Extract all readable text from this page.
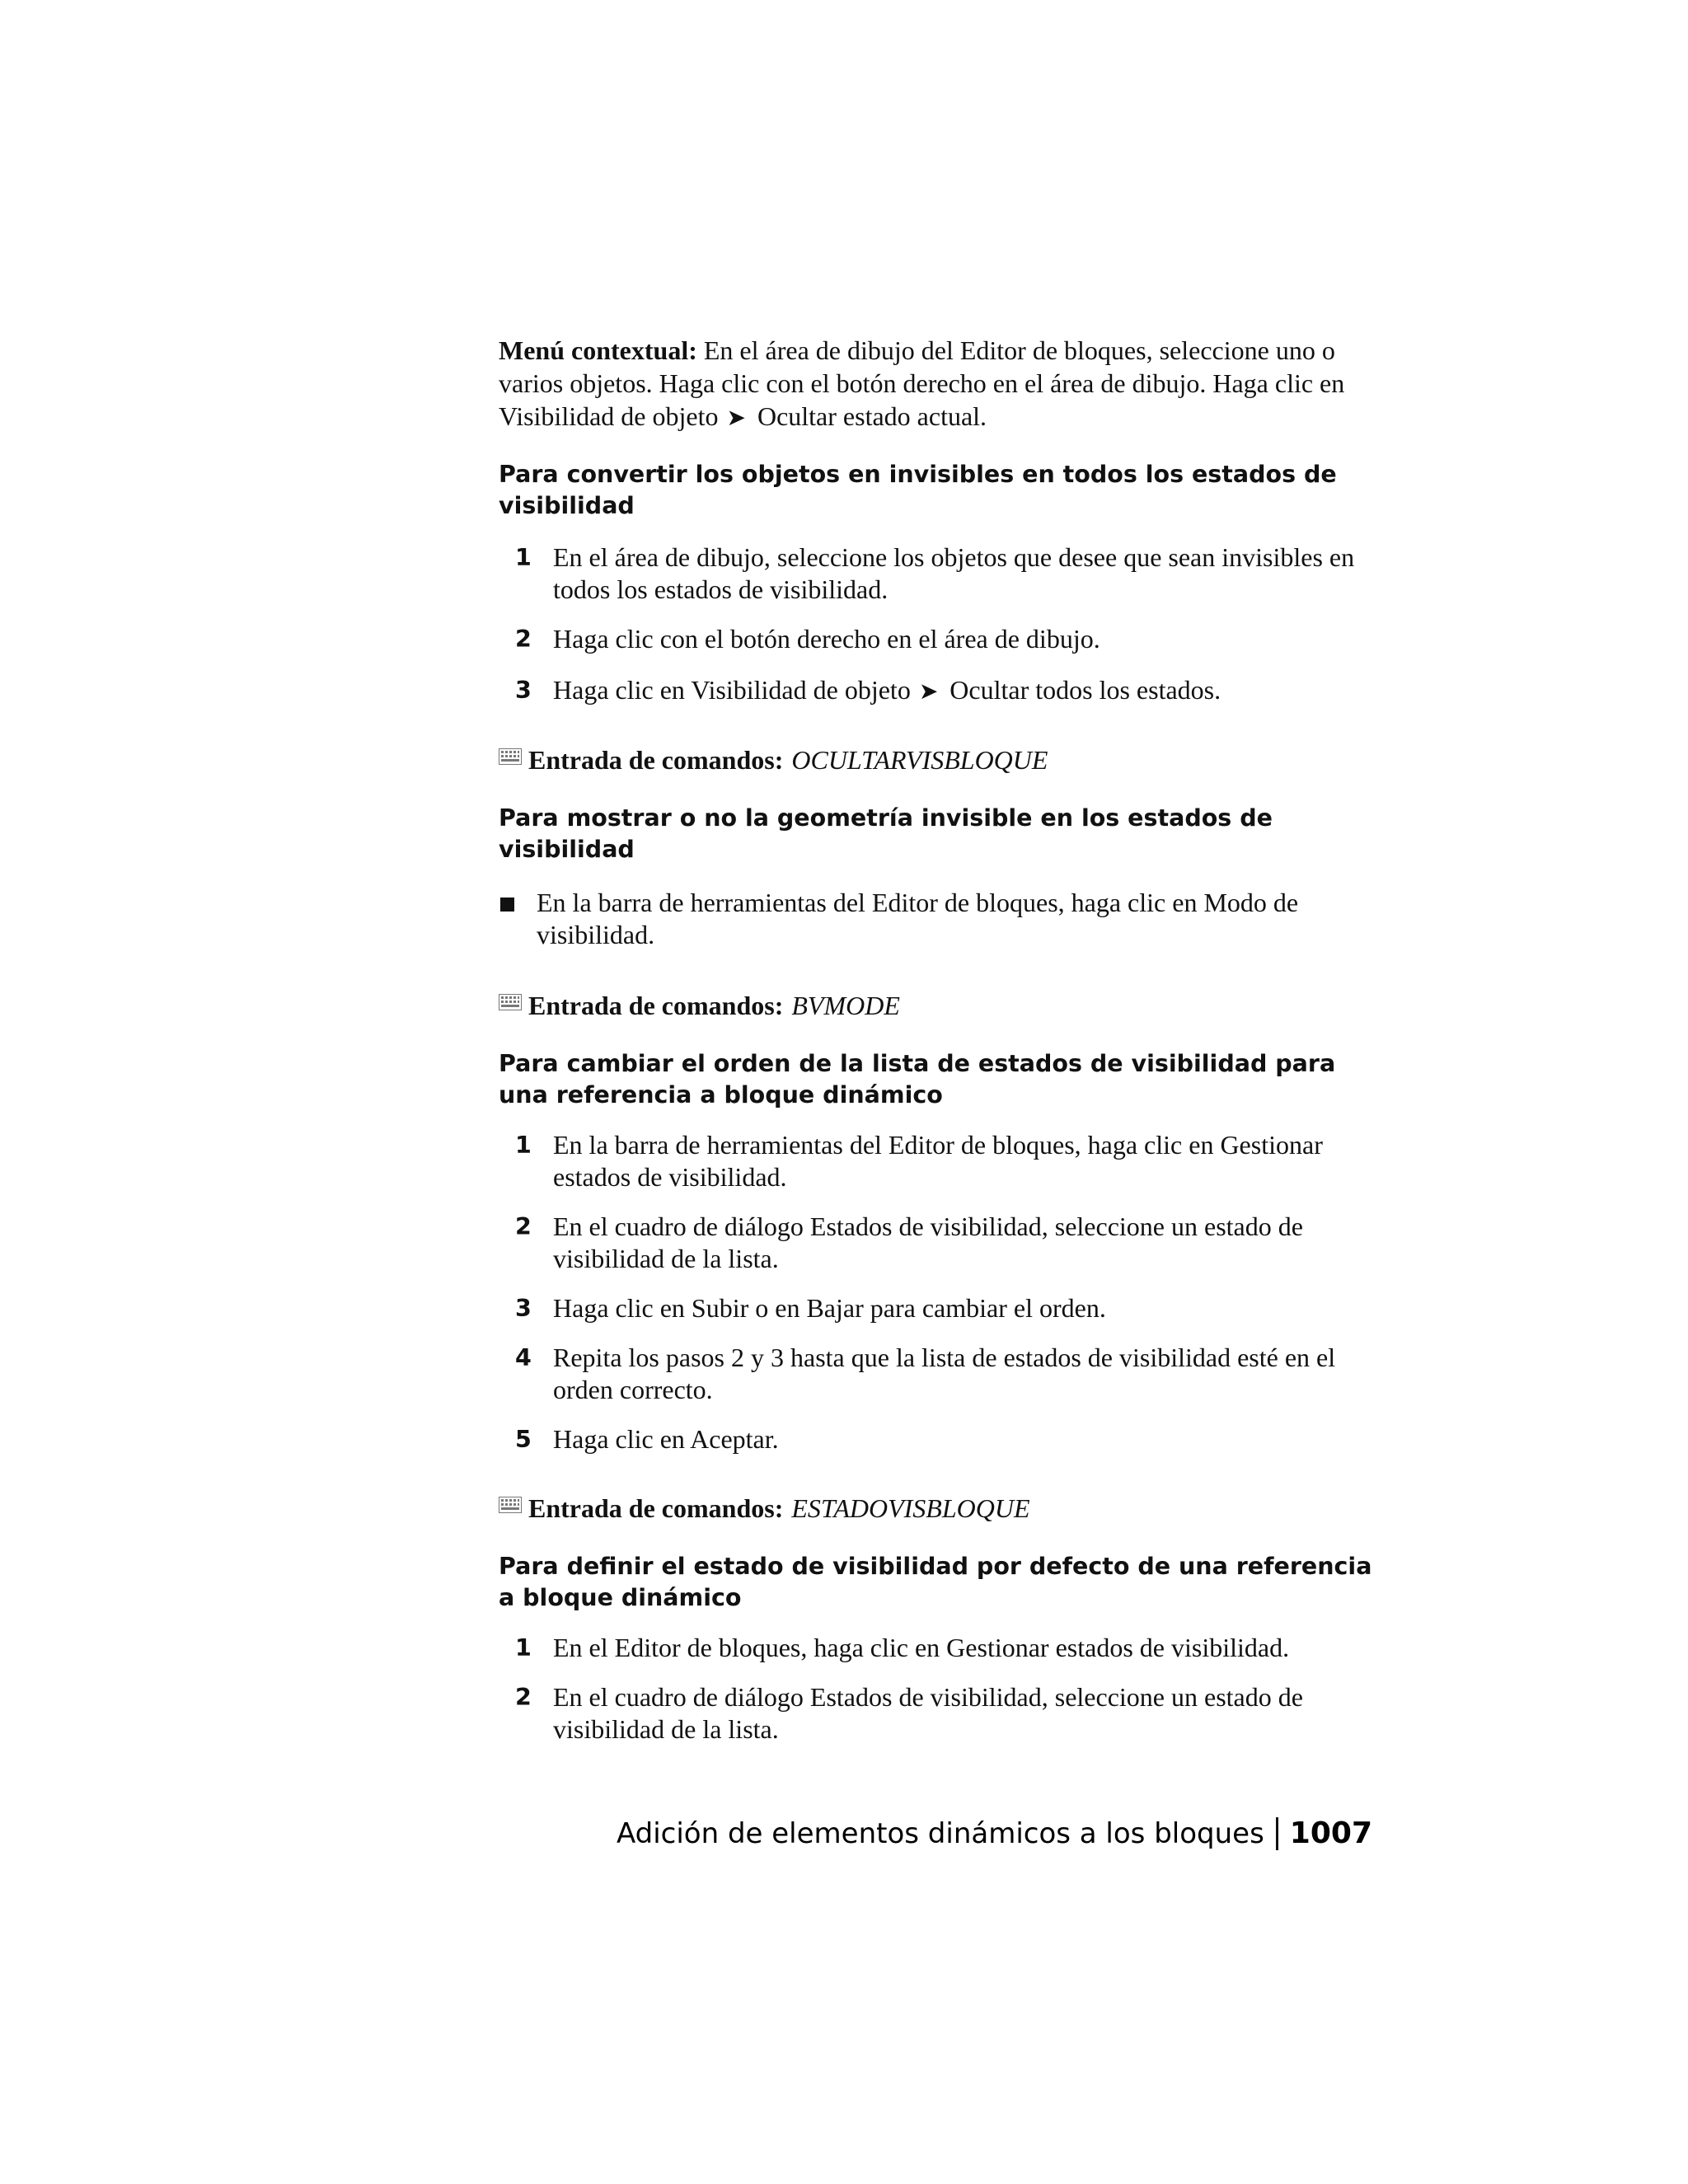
Menú contextual: En el área de dibujo del Editor de bloques, seleccione uno o varios objetos. Haga clic con el botón derecho en el área de dibujo. Haga clic en Visibilidad de objeto ➤ Ocultar estado actual.

Para convertir los objetos en invisibles en todos los estados de visibilidad

1 En el área de dibujo, seleccione los objetos que desee que sean invisibles en todos los estados de visibilidad.
2 Haga clic con el botón derecho en el área de dibujo.
3 Haga clic en Visibilidad de objeto ➤ Ocultar todos los estados.

Entrada de comandos: OCULTARVISBLOQUE

Para mostrar o no la geometría invisible en los estados de visibilidad

En la barra de herramientas del Editor de bloques, haga clic en Modo de visibilidad.

Entrada de comandos: BVMODE

Para cambiar el orden de la lista de estados de visibilidad para una referencia a bloque dinámico

1 En la barra de herramientas del Editor de bloques, haga clic en Gestionar estados de visibilidad.
2 En el cuadro de diálogo Estados de visibilidad, seleccione un estado de visibilidad de la lista.
3 Haga clic en Subir o en Bajar para cambiar el orden.
4 Repita los pasos 2 y 3 hasta que la lista de estados de visibilidad esté en el orden correcto.
5 Haga clic en Aceptar.

Entrada de comandos: ESTADOVISBLOQUE

Para definir el estado de visibilidad por defecto de una referencia a bloque dinámico

1 En el Editor de bloques, haga clic en Gestionar estados de visibilidad.
2 En el cuadro de diálogo Estados de visibilidad, seleccione un estado de visibilidad de la lista.
Adición de elementos dinámicos a los bloques 1007
